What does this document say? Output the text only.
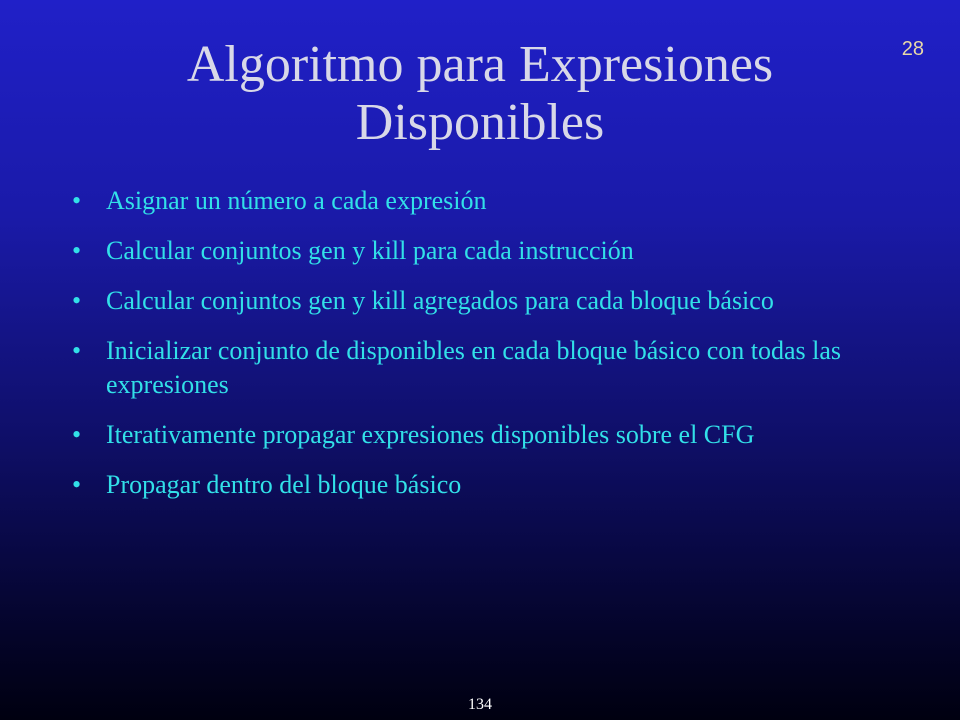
28
Algoritmo para Expresiones
Disponibles
• Asignar un número a cada expresión
• Calcular conjuntos gen y kill para cada instrucción
• Calcular conjuntos gen y kill agregados para cada bloque básico
• Inicializar conjunto de disponibles en cada bloque básico con todas las expresiones
• Iterativamente propagar expresiones disponibles sobre el CFG
• Propagar dentro del bloque básico
134
